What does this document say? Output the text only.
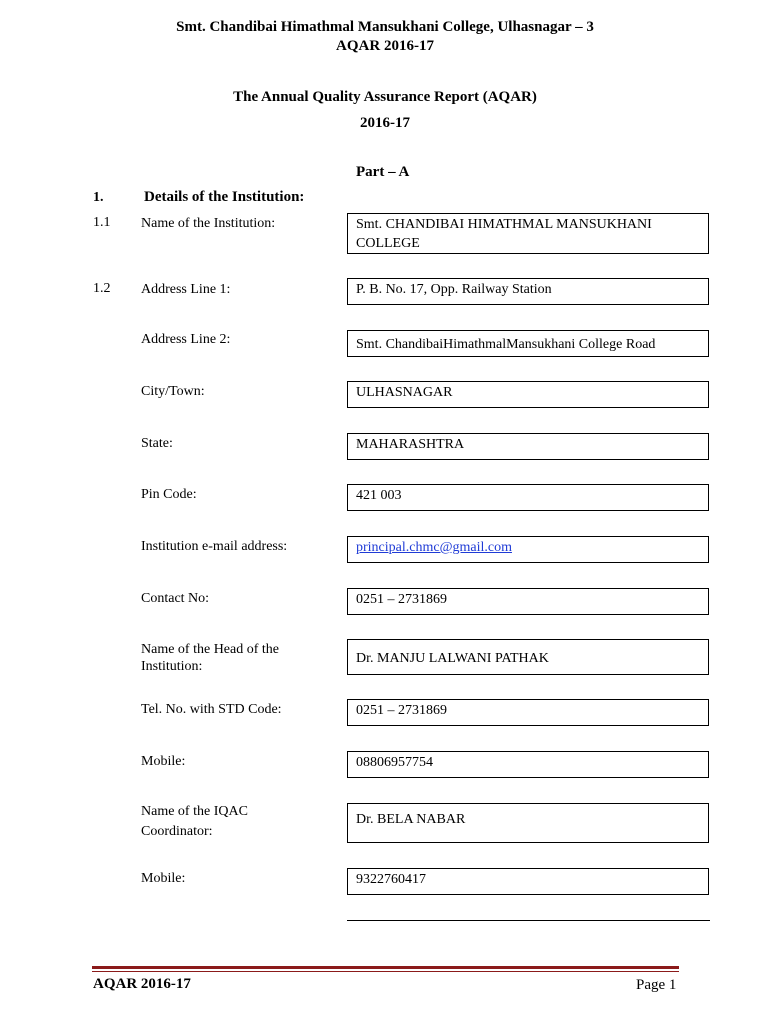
Smt. Chandibai Himathmal Mansukhani College, Ulhasnagar – 3
AQAR 2016-17
The Annual Quality Assurance Report (AQAR)
2016-17
Part – A
1.	Details of the Institution:
1.1 Name of the Institution:	Smt. CHANDIBAI HIMATHMAL MANSUKHANI COLLEGE
1.2 Address Line 1:	P. B. No. 17, Opp. Railway Station
Address Line 2:	Smt. ChandibaiHimathmalMansukhani College Road
City/Town:	ULHASNAGAR
State:	MAHARASHTRA
Pin Code:	421 003
Institution e-mail address:	principal.chmc@gmail.com
Contact No:	0251 – 2731869
Name of the Head of the Institution:
Dr. MANJU LALWANI PATHAK
Tel. No. with STD Code:	0251 – 2731869
Mobile:	08806957754
Name of the IQAC Coordinator:
Dr. BELA NABAR
Mobile:	9322760417
AQAR 2016-17	Page 1
